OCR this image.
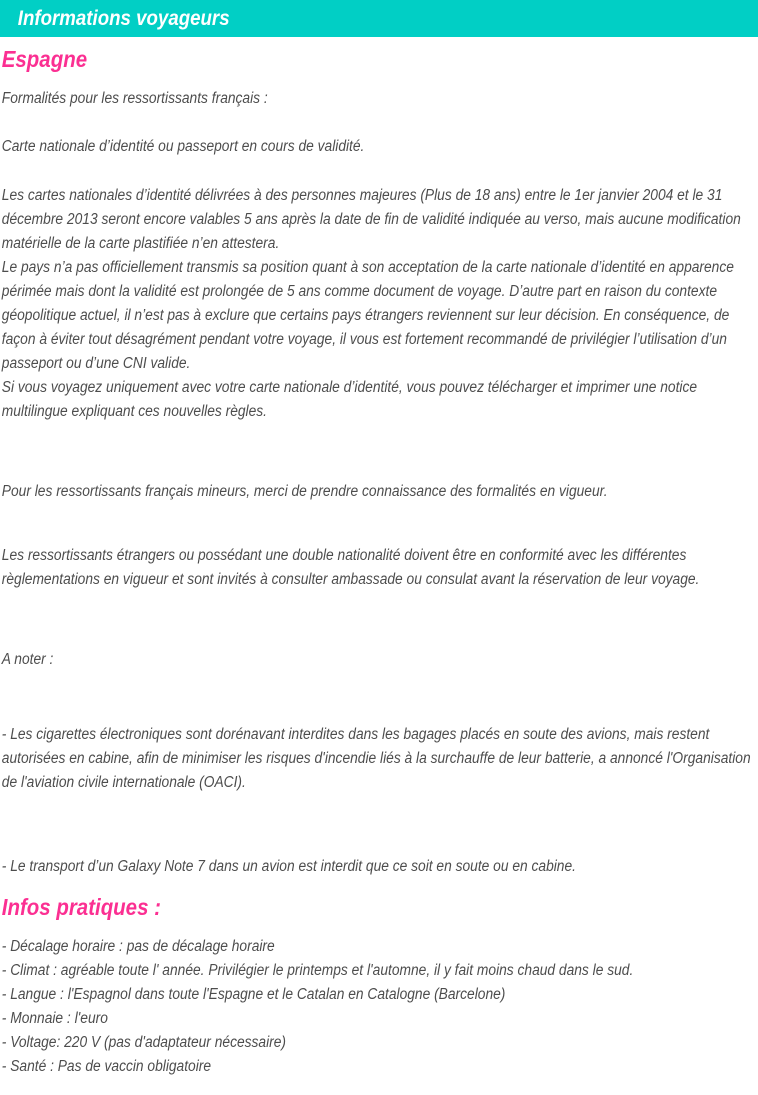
Informations voyageurs
Espagne
Formalités pour les ressortissants français :
Carte nationale d’identité ou passeport en cours de validité.
Les cartes nationales d’identité délivrées à des personnes majeures (Plus de 18 ans) entre le 1er janvier 2004 et le 31 décembre 2013 seront encore valables 5 ans après la date de fin de validité indiquée au verso, mais aucune modification matérielle de la carte plastifiée n’en attestera.
Le pays n’a pas officiellement transmis sa position quant à son acceptation de la carte nationale d’identité en apparence périmée mais dont la validité est prolongée de 5 ans comme document de voyage. D’autre part en raison du contexte géopolitique actuel, il n’est pas à exclure que certains pays étrangers reviennent sur leur décision. En conséquence, de façon à éviter tout désagrément pendant votre voyage, il vous est fortement recommandé de privilégier l’utilisation d’un passeport ou d’une CNI valide.
Si vous voyagez uniquement avec votre carte nationale d’identité, vous pouvez télécharger et imprimer une notice multilingue expliquant ces nouvelles règles.
Pour les ressortissants français mineurs, merci de prendre connaissance des formalités en vigueur.
Les ressortissants étrangers ou possédant une double nationalité doivent être en conformité avec les différentes règlementations en vigueur et sont invités à consulter ambassade ou consulat avant la réservation de leur voyage.
A noter :
- Les cigarettes électroniques sont dorénavant interdites dans les bagages placés en soute des avions, mais restent autorisées en cabine, afin de minimiser les risques d'incendie liés à la surchauffe de leur batterie, a annoncé l'Organisation de l'aviation civile internationale (OACI).
- Le transport d’un Galaxy Note 7 dans un avion est interdit que ce soit en soute ou en cabine.
Infos pratiques :
- Décalage horaire : pas de décalage horaire
- Climat : agréable toute l' année. Privilégier le printemps et l'automne, il y fait moins chaud dans le sud.
- Langue : l'Espagnol dans toute l'Espagne et le Catalan en Catalogne (Barcelone)
- Monnaie : l'euro
- Voltage: 220 V (pas d'adaptateur nécessaire)
- Santé : Pas de vaccin obligatoire
